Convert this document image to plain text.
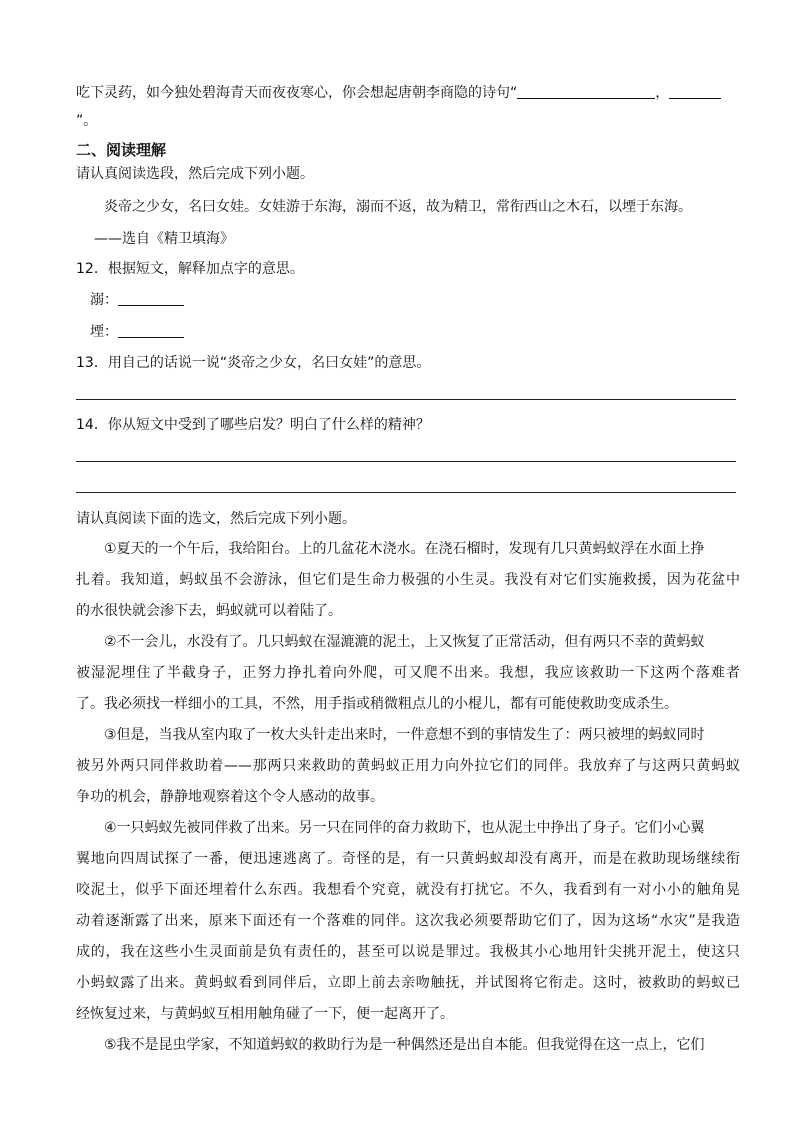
吃下灵药，如今独处碧海青天而夜夜寒心，你会想起唐朝李商隐的诗句“	，
”。
二、阅读理解
请认真阅读选段，然后完成下列小题。
炎帝之少女，名曰女娃。女娃游于东海，溺而不返，故为精卫，常衔西山之木石，以堙于东海。
——选自《精卫填海》
12．根据短文，解释加点字的意思。
溺：
堙：
13．用自己的话说一说“炎帝之少女，名曰女娃”的意思。
14．你从短文中受到了哪些启发？明白了什么样的精神？
请认真阅读下面的选文，然后完成下列小题。
①夏天的一个午后，我给阳台。上的几盆花木浇水。在浇石榴时，发现有几只黄蚂蚁浮在水面上挣
扎着。我知道，蚂蚁虽不会游泳，但它们是生命力极强的小生灵。我没有对它们实施救援，因为花盆中
的水很快就会渗下去，蚂蚁就可以着陆了。
②不一会儿，水没有了。几只蚂蚁在湿漉漉的泥土，上又恢复了正常活动，但有两只不幸的黄蚂蚁
被湿泥埋住了半截身子，正努力挣扎着向外爬，可又爬不出来。我想，我应该救助一下这两个落难者
了。我必须找一样细小的工具，不然，用手指或稍微粗点儿的小棍儿，都有可能使救助变成杀生。
③但是，当我从室内取了一枚大头针走出来时，一件意想不到的事情发生了：两只被埋的蚂蚁同时
被另外两只同伴救助着——那两只来救助的黄蚂蚁正用力向外拉它们的同伴。我放弃了与这两只黄蚂蚁
争功的机会，静静地观察着这个令人感动的故事。
④一只蚂蚁先被同伴救了出来。另一只在同伴的奋力救助下，也从泥土中挣出了身子。它们小心翼
翼地向四周试探了一番，便迅速逃离了。奇怪的是，有一只黄蚂蚁却没有离开，而是在救助现场继续衔
咬泥土，似乎下面还埋着什么东西。我想看个究竟，就没有打扰它。不久，我看到有一对小小的触角晃
动着逐渐露了出来，原来下面还有一个落难的同伴。这次我必须要帮助它们了，因为这场“水灾”是我造
成的，我在这些小生灵面前是负有责任的，甚至可以说是罪过。我极其小心地用针尖挑开泥土，使这只
小蚂蚁露了出来。黄蚂蚁看到同伴后，立即上前去亲吻触抚，并试图将它衔走。这时，被救助的蚂蚁已
经恢复过来，与黄蚂蚁互相用触角碰了一下，便一起离开了。
⑤我不是昆虫学家，不知道蚂蚁的救助行为是一种偶然还是出自本能。但我觉得在这一点上，它们
